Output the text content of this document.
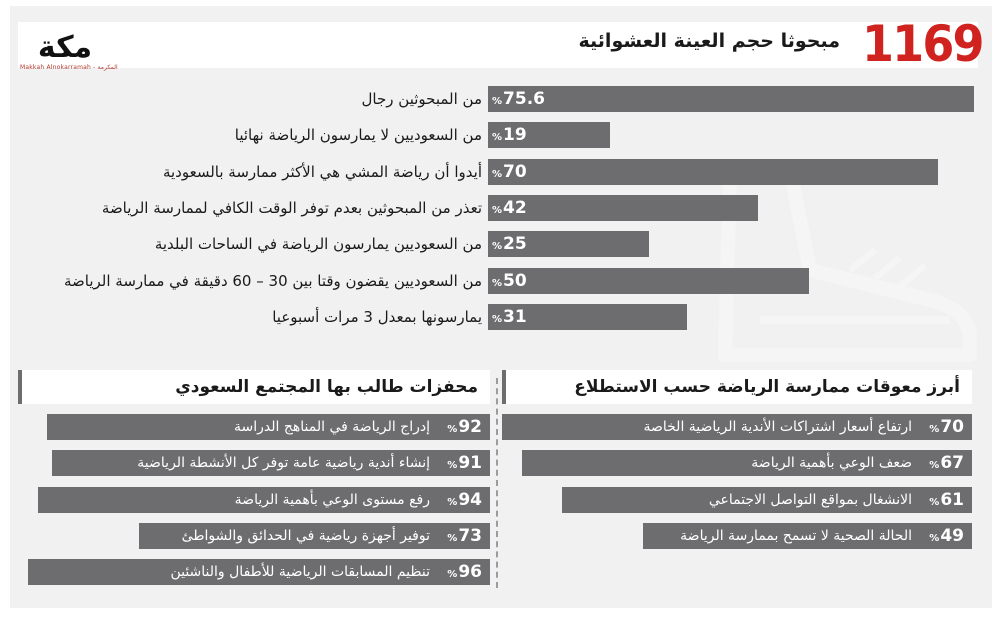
مكة
Makkah Alnokarramah - المكرمة	1169
مبحوثا حجم العينة العشوائية
%75.6
من المبحوثين رجال
%19
من السعوديين لا يمارسون الرياضة نهائيا
%70
أيدوا أن رياضة المشي هي الأكثر ممارسة بالسعودية
%42
تعذر من المبحوثين بعدم توفر الوقت الكافي لممارسة الرياضة
%25
من السعوديين يمارسون الرياضة في الساحات البلدية
%50
من السعوديين يقضون وقتا بين 30 – 60 دقيقة في ممارسة الرياضة
%31
يمارسونها بمعدل 3 مرات أسبوعيا
أبرز معوقات ممارسة الرياضة حسب الاستطلاع
محفزات طالب بها المجتمع السعودي
%70
ارتفاع أسعار اشتراكات الأندية الرياضية الخاصة
%67
ضعف الوعي بأهمية الرياضة
%61
الانشغال بمواقع التواصل الاجتماعي
%49
الحالة الصحية لا تسمح بممارسة الرياضة
%92
إدراج الرياضة في المناهج الدراسة
%91
إنشاء أندية رياضية عامة توفر كل الأنشطة الرياضية
%94
رفع مستوى الوعي بأهمية الرياضة
%73
توفير أجهزة رياضية في الحدائق والشواطئ
%96
تنظيم المسابقات الرياضية للأطفال والناشئين
